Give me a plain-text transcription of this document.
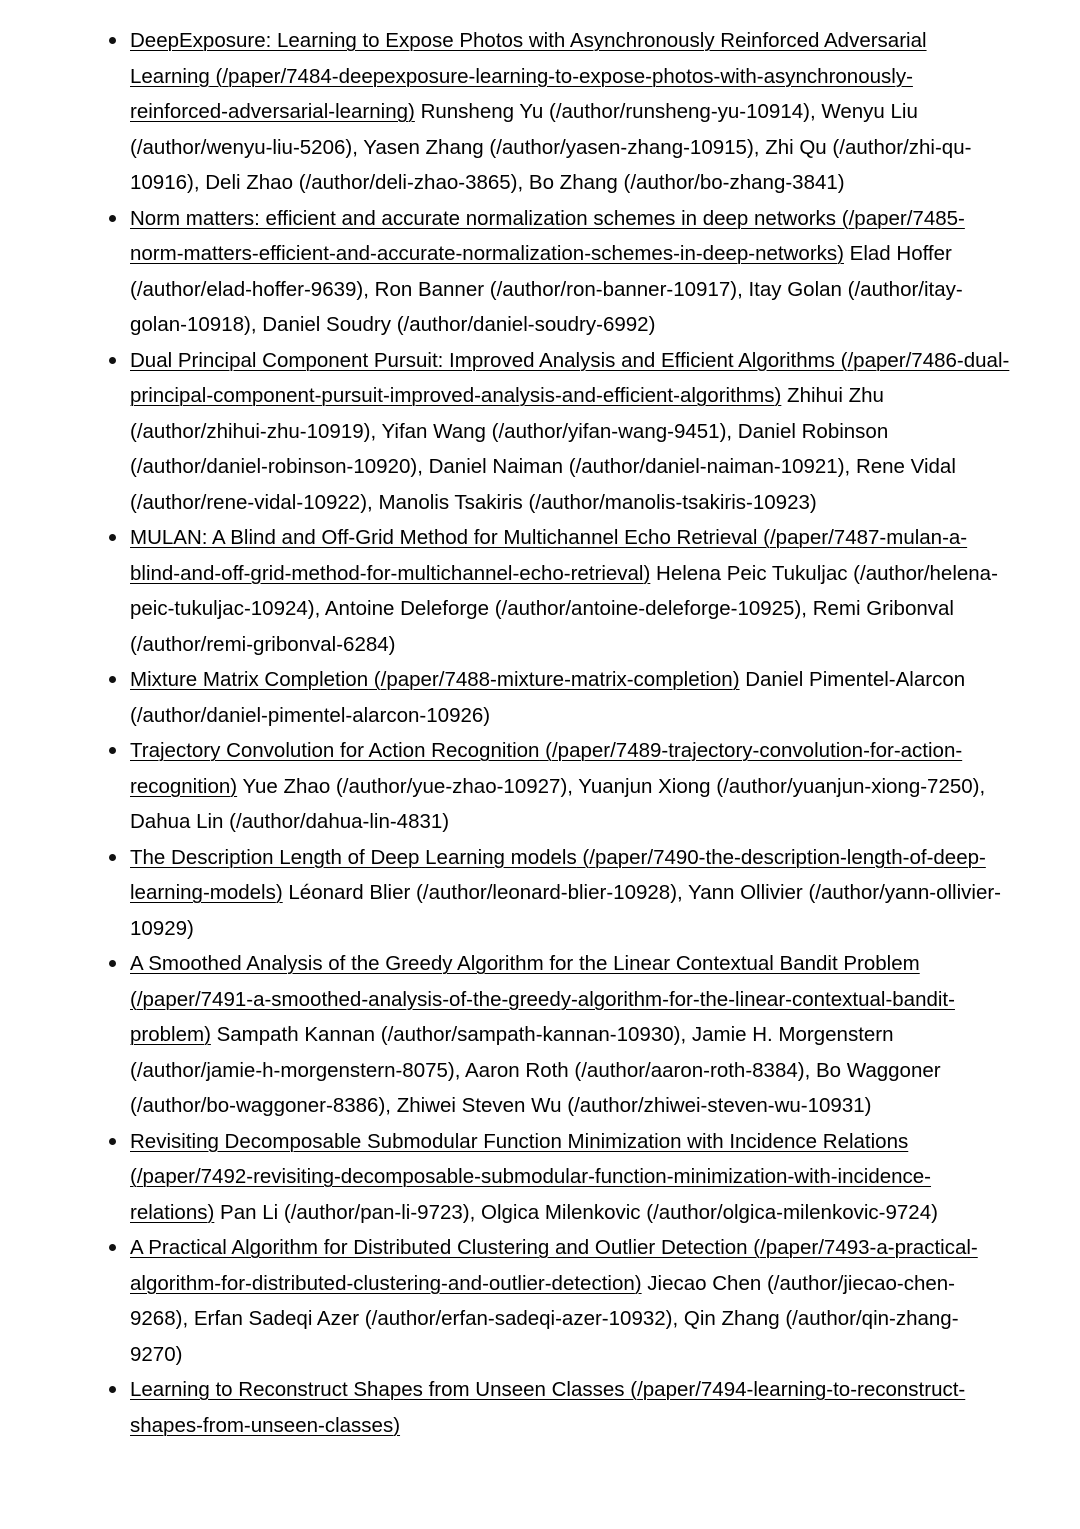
DeepExposure: Learning to Expose Photos with Asynchronously Reinforced Adversarial Learning (/paper/7484-deepexposure-learning-to-expose-photos-with-asynchronously-reinforced-adversarial-learning) Runsheng Yu (/author/runsheng-yu-10914), Wenyu Liu (/author/wenyu-liu-5206), Yasen Zhang (/author/yasen-zhang-10915), Zhi Qu (/author/zhi-qu-10916), Deli Zhao (/author/deli-zhao-3865), Bo Zhang (/author/bo-zhang-3841)
Norm matters: efficient and accurate normalization schemes in deep networks (/paper/7485-norm-matters-efficient-and-accurate-normalization-schemes-in-deep-networks) Elad Hoffer (/author/elad-hoffer-9639), Ron Banner (/author/ron-banner-10917), Itay Golan (/author/itay-golan-10918), Daniel Soudry (/author/daniel-soudry-6992)
Dual Principal Component Pursuit: Improved Analysis and Efficient Algorithms (/paper/7486-dual-principal-component-pursuit-improved-analysis-and-efficient-algorithms) Zhihui Zhu (/author/zhihui-zhu-10919), Yifan Wang (/author/yifan-wang-9451), Daniel Robinson (/author/daniel-robinson-10920), Daniel Naiman (/author/daniel-naiman-10921), Rene Vidal (/author/rene-vidal-10922), Manolis Tsakiris (/author/manolis-tsakiris-10923)
MULAN: A Blind and Off-Grid Method for Multichannel Echo Retrieval (/paper/7487-mulan-a-blind-and-off-grid-method-for-multichannel-echo-retrieval) Helena Peic Tukuljac (/author/helena-peic-tukuljac-10924), Antoine Deleforge (/author/antoine-deleforge-10925), Remi Gribonval (/author/remi-gribonval-6284)
Mixture Matrix Completion (/paper/7488-mixture-matrix-completion) Daniel Pimentel-Alarcon (/author/daniel-pimentel-alarcon-10926)
Trajectory Convolution for Action Recognition (/paper/7489-trajectory-convolution-for-action-recognition) Yue Zhao (/author/yue-zhao-10927), Yuanjun Xiong (/author/yuanjun-xiong-7250), Dahua Lin (/author/dahua-lin-4831)
The Description Length of Deep Learning models (/paper/7490-the-description-length-of-deep-learning-models) Léonard Blier (/author/leonard-blier-10928), Yann Ollivier (/author/yann-ollivier-10929)
A Smoothed Analysis of the Greedy Algorithm for the Linear Contextual Bandit Problem (/paper/7491-a-smoothed-analysis-of-the-greedy-algorithm-for-the-linear-contextual-bandit-problem) Sampath Kannan (/author/sampath-kannan-10930), Jamie H. Morgenstern (/author/jamie-h-morgenstern-8075), Aaron Roth (/author/aaron-roth-8384), Bo Waggoner (/author/bo-waggoner-8386), Zhiwei Steven Wu (/author/zhiwei-steven-wu-10931)
Revisiting Decomposable Submodular Function Minimization with Incidence Relations (/paper/7492-revisiting-decomposable-submodular-function-minimization-with-incidence-relations) Pan Li (/author/pan-li-9723), Olgica Milenkovic (/author/olgica-milenkovic-9724)
A Practical Algorithm for Distributed Clustering and Outlier Detection (/paper/7493-a-practical-algorithm-for-distributed-clustering-and-outlier-detection) Jiecao Chen (/author/jiecao-chen-9268), Erfan Sadeqi Azer (/author/erfan-sadeqi-azer-10932), Qin Zhang (/author/qin-zhang-9270)
Learning to Reconstruct Shapes from Unseen Classes (/paper/7494-learning-to-reconstruct-shapes-from-unseen-classes)
